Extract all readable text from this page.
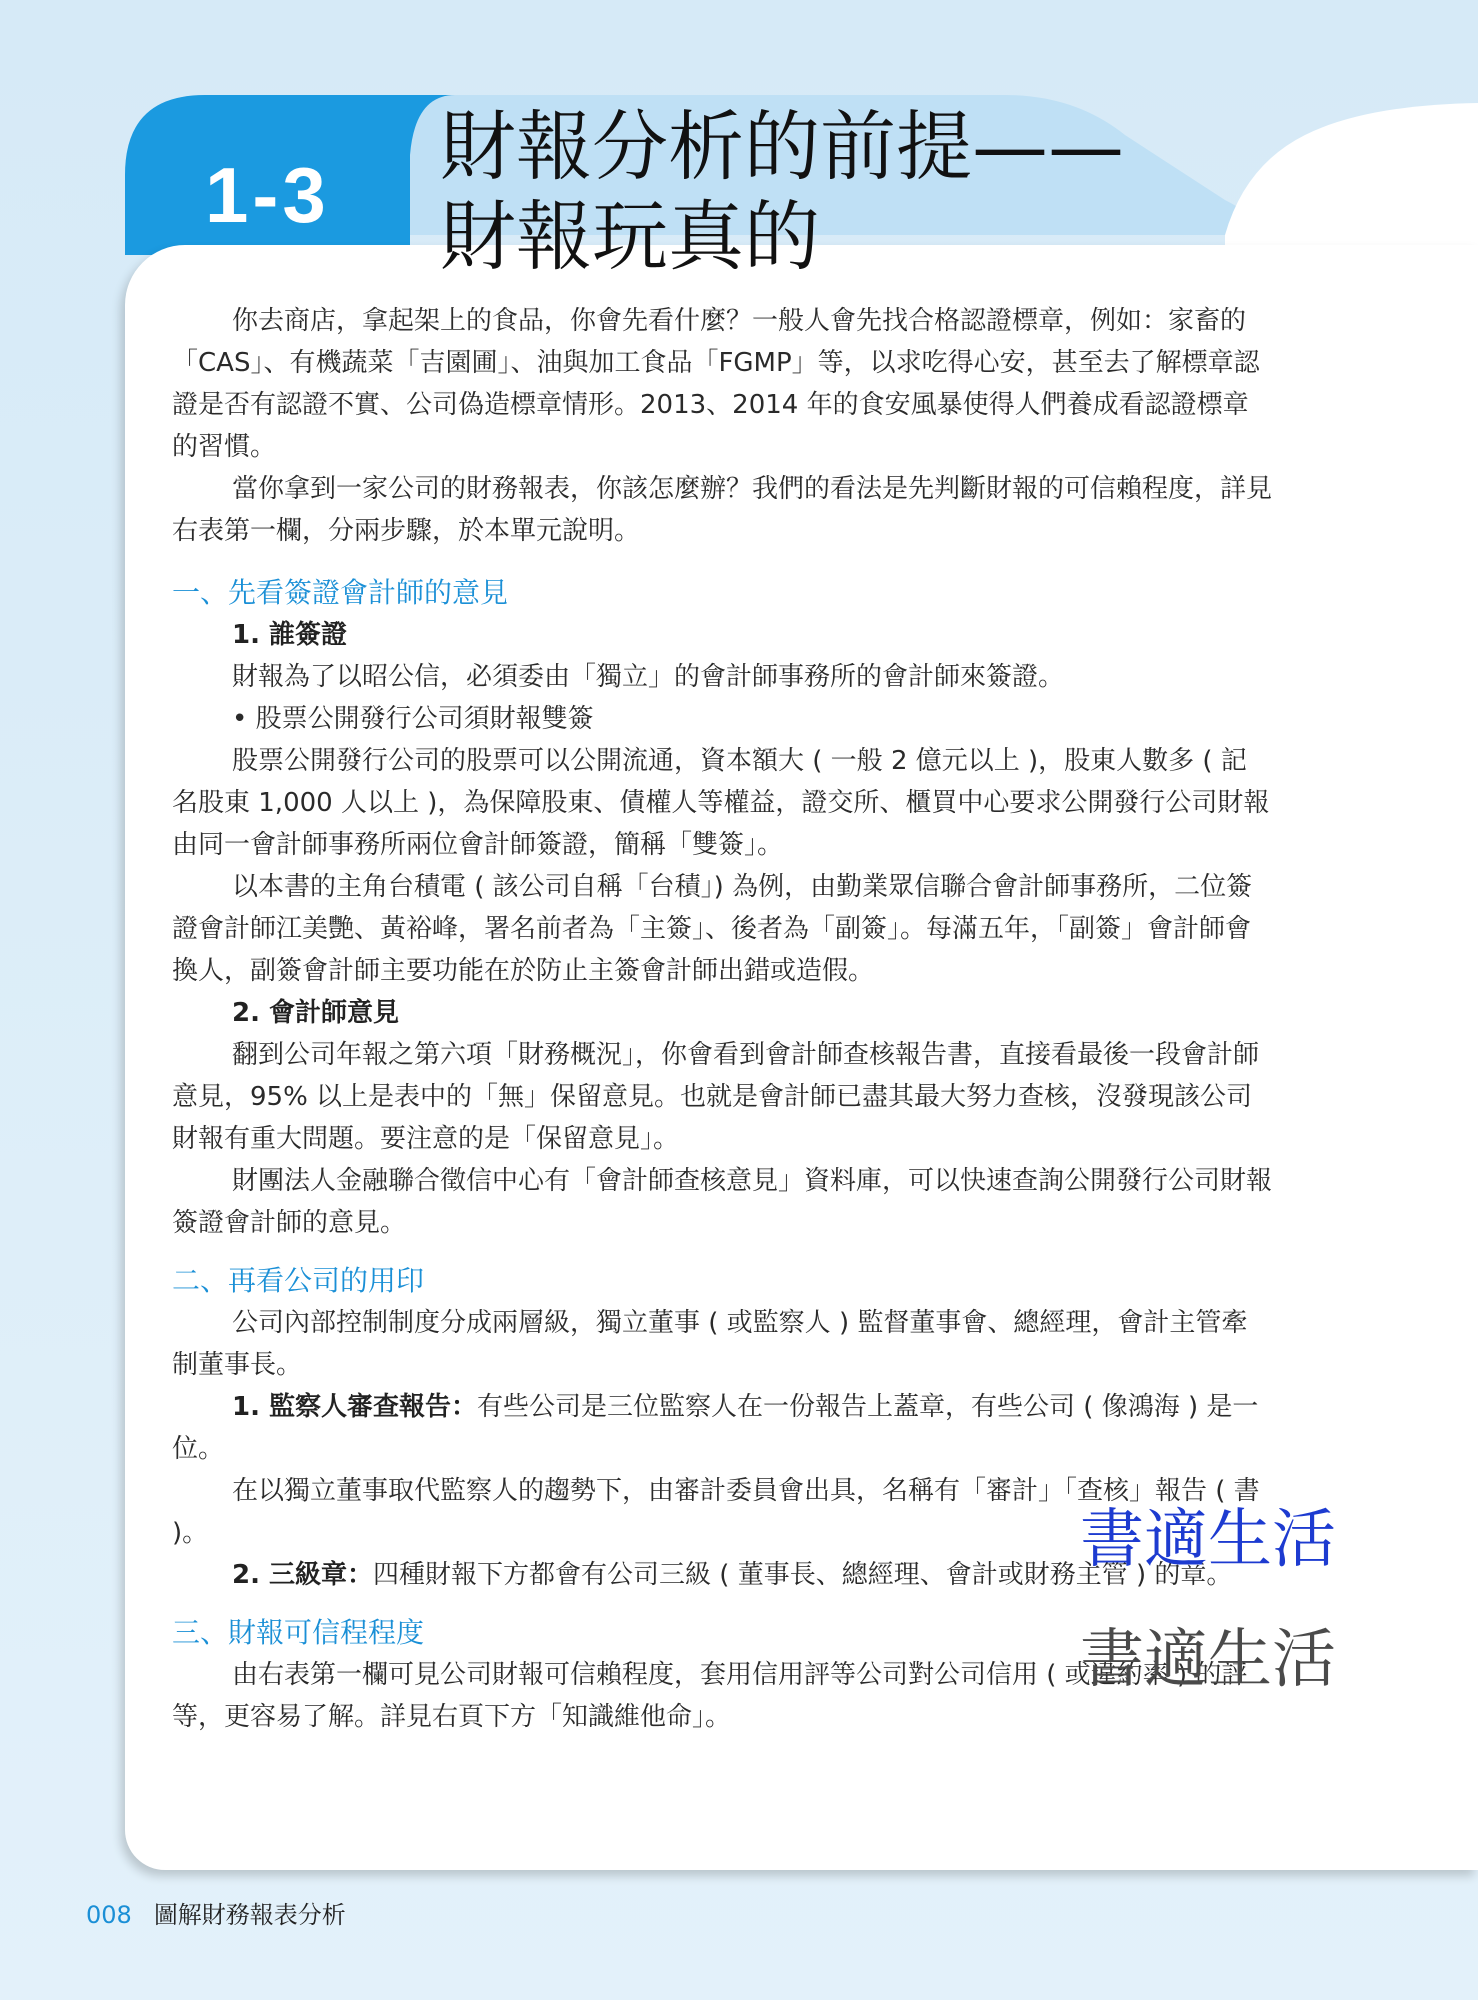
1-3
財報分析的前提——
財報玩真的

你去商店，拿起架上的食品，你會先看什麼？一般人會先找合格認證標章，例如：家畜的「CAS」、有機蔬菜「吉園圃」、油與加工食品「FGMP」等，以求吃得心安，甚至去了解標章認證是否有認證不實、公司偽造標章情形。2013、2014 年的食安風暴使得人們養成看認證標章的習慣。

當你拿到一家公司的財務報表，你該怎麼辦？我們的看法是先判斷財報的可信賴程度，詳見右表第一欄，分兩步驟，於本單元說明。

一、先看簽證會計師的意見

1. 誰簽證

財報為了以昭公信，必須委由「獨立」的會計師事務所的會計師來簽證。

• 股票公開發行公司須財報雙簽

股票公開發行公司的股票可以公開流通，資本額大 ( 一般 2 億元以上 )，股東人數多 ( 記名股東 1,000 人以上 )，為保障股東、債權人等權益，證交所、櫃買中心要求公開發行公司財報由同一會計師事務所兩位會計師簽證，簡稱「雙簽」。

以本書的主角台積電 ( 該公司自稱「台積」) 為例，由勤業眾信聯合會計師事務所，二位簽證會計師江美艷、黃裕峰，署名前者為「主簽」、後者為「副簽」。每滿五年，「副簽」會計師會換人，副簽會計師主要功能在於防止主簽會計師出錯或造假。

2. 會計師意見

翻到公司年報之第六項「財務概況」，你會看到會計師查核報告書，直接看最後一段會計師意見，95% 以上是表中的「無」保留意見。也就是會計師已盡其最大努力查核，沒發現該公司財報有重大問題。要注意的是「保留意見」。

財團法人金融聯合徵信中心有「會計師查核意見」資料庫，可以快速查詢公開發行公司財報簽證會計師的意見。

二、再看公司的用印

公司內部控制制度分成兩層級，獨立董事 ( 或監察人 ) 監督董事會、總經理，會計主管牽制董事長。

1. 監察人審查報告：有些公司是三位監察人在一份報告上蓋章，有些公司 ( 像鴻海 ) 是一位。

在以獨立董事取代監察人的趨勢下，由審計委員會出具，名稱有「審計」「查核」報告 ( 書 )。

2. 三級章：四種財報下方都會有公司三級 ( 董事長、總經理、會計或財務主管 ) 的章。

三、財報可信程程度

由右表第一欄可見公司財報可信賴程度，套用信用評等公司對公司信用 ( 或違約率 ) 的評等，更容易了解。詳見右頁下方「知識維他命」。

書適生活
書適生活
008 圖解財務報表分析
